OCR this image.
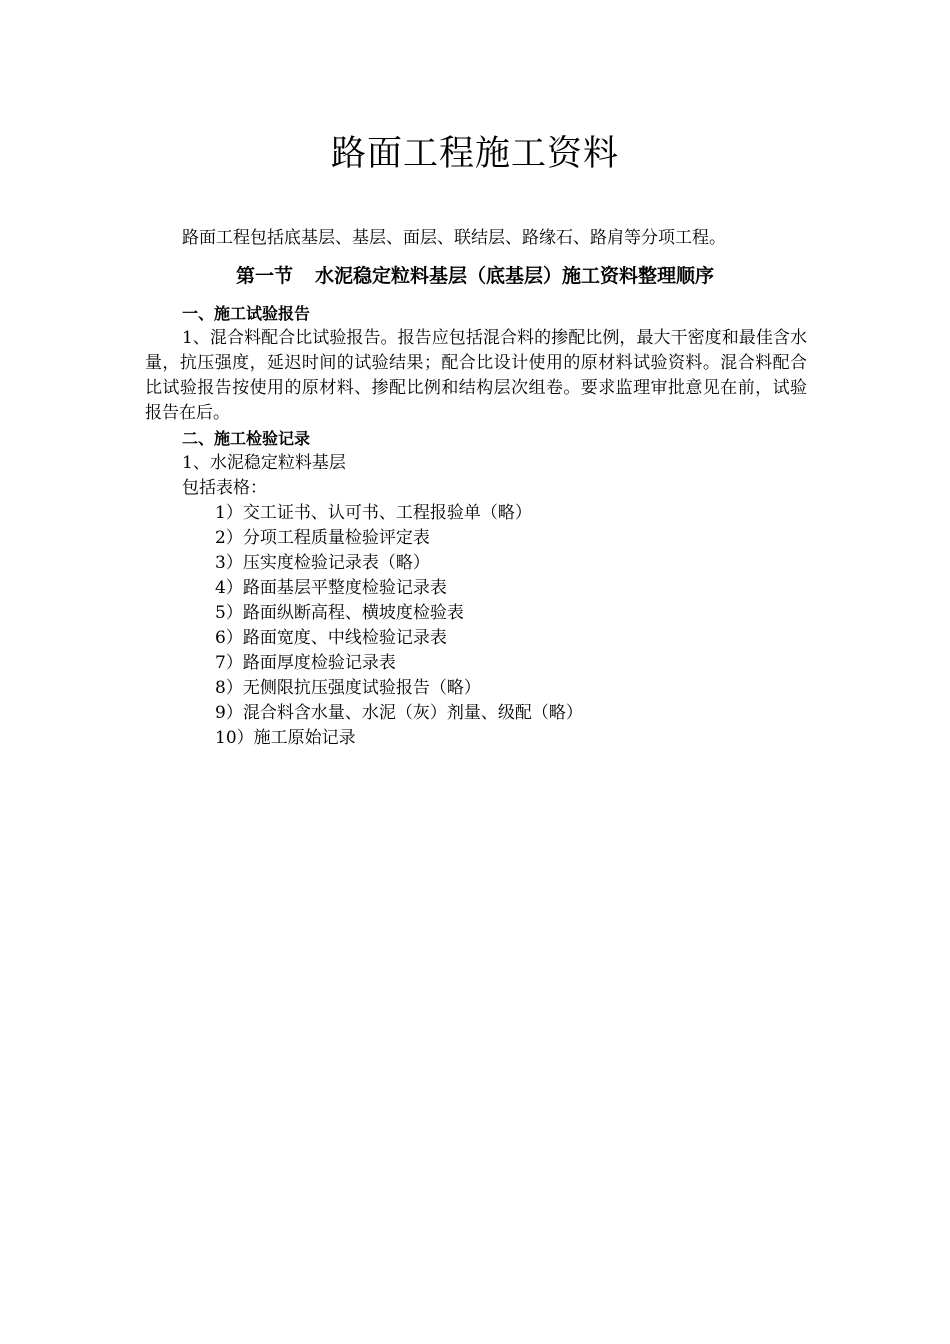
路面工程施工资料
路面工程包括底基层、基层、面层、联结层、路缘石、路肩等分项工程。
第一节 水泥稳定粒料基层（底基层）施工资料整理顺序
一、施工试验报告

1、混合料配合比试验报告。报告应包括混合料的掺配比例，最大干密度和最佳含水量，抗压强度，延迟时间的试验结果；配合比设计使用的原材料试验资料。混合料配合比试验报告按使用的原材料、掺配比例和结构层次组卷。要求监理审批意见在前，试验报告在后。

二、施工检验记录

1、水泥稳定粒料基层

包括表格：

1）交工证书、认可书、工程报验单（略）
2）分项工程质量检验评定表
3）压实度检验记录表（略）
4）路面基层平整度检验记录表
5）路面纵断高程、横坡度检验表
6）路面宽度、中线检验记录表
7）路面厚度检验记录表
8）无侧限抗压强度试验报告（略）
9）混合料含水量、水泥（灰）剂量、级配（略）
10）施工原始记录
